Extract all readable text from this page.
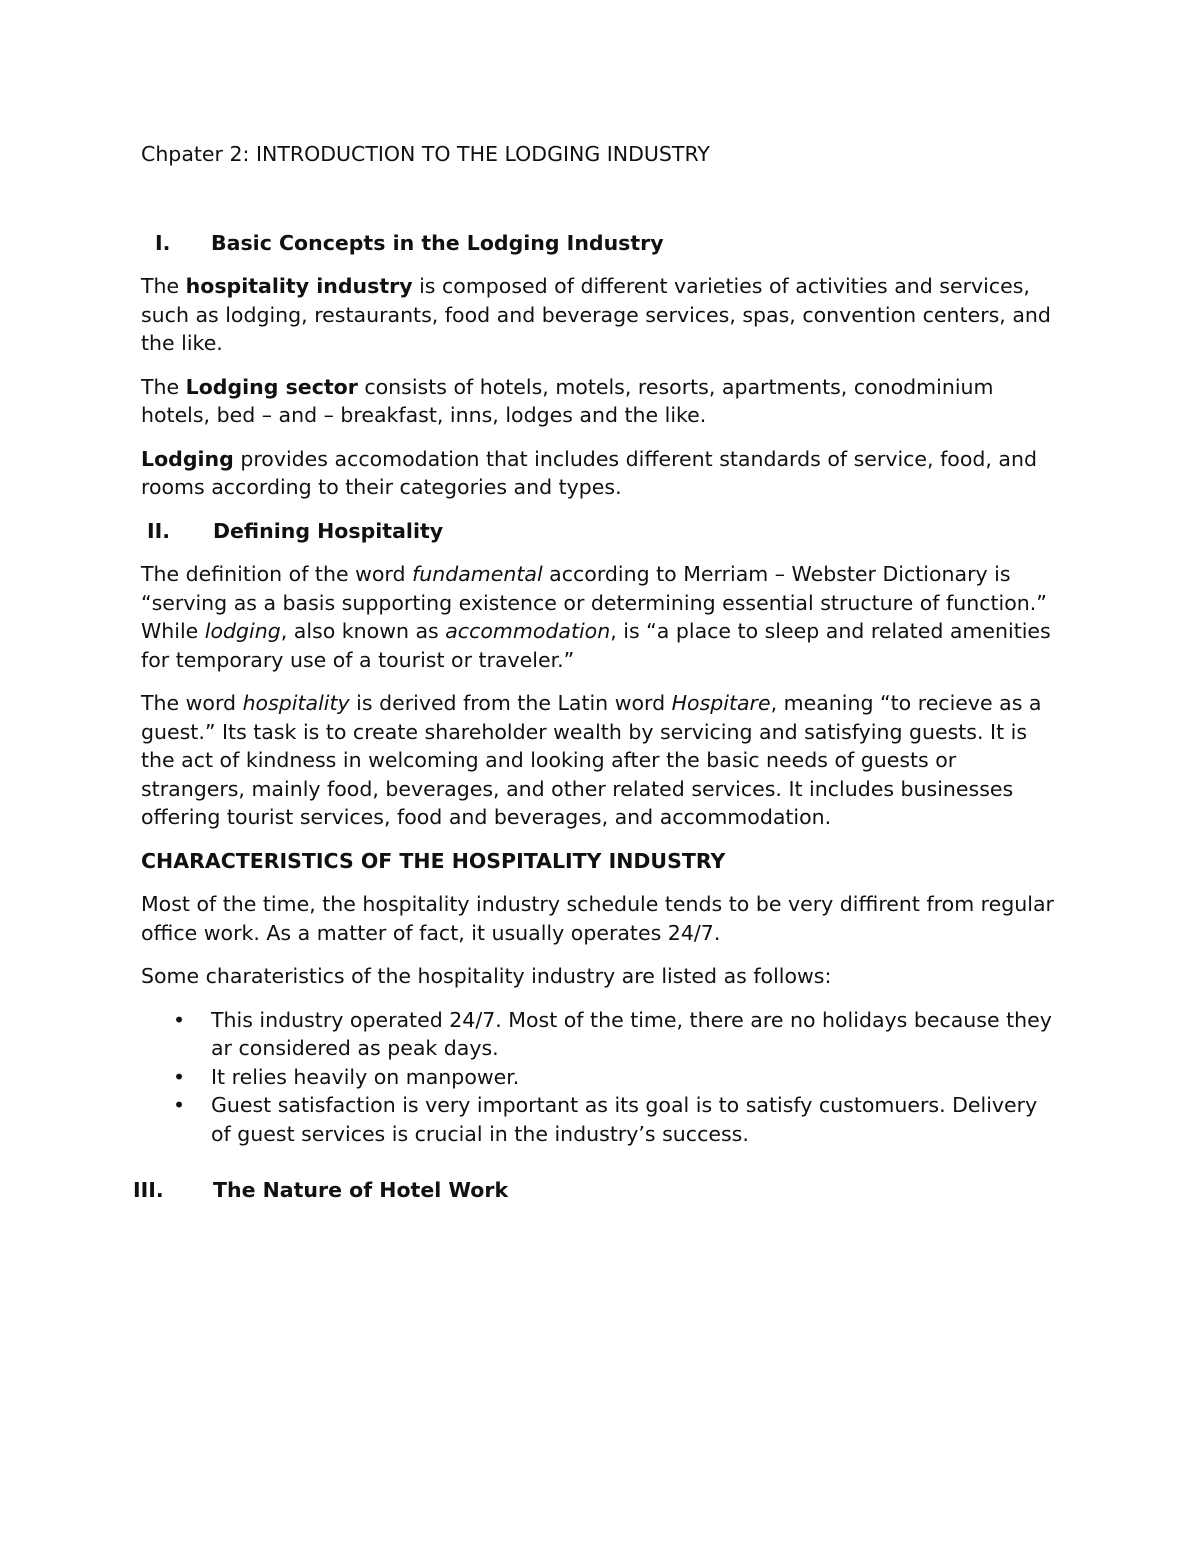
Chpater 2: INTRODUCTION TO THE LODGING INDUSTRY
I.	Basic Concepts in the Lodging Industry

The hospitality industry is composed of different varieties of activities and services, such as lodging, restaurants, food and beverage services, spas, convention centers, and the like.

The Lodging sector consists of hotels, motels, resorts, apartments, conodminium hotels, bed – and – breakfast, inns, lodges and the like.

Lodging provides accomodation that includes different standards of service, food, and rooms according to their categories and types.

II.	Defining Hospitality

The definition of the word fundamental according to Merriam – Webster Dictionary is “serving as a basis supporting existence or determining essential structure of function.” While lodging, also known as accommodation, is “a place to sleep and related amenities for temporary use of a tourist or traveler.”

The word hospitality is derived from the Latin word Hospitare, meaning “to recieve as a guest.” Its task is to create shareholder wealth by servicing and satisfying guests. It is the act of kindness in welcoming and looking after the basic needs of guests or strangers, mainly food, beverages, and other related services. It includes businesses offering tourist services, food and beverages, and accommodation.

CHARACTERISTICS OF THE HOSPITALITY INDUSTRY

Most of the time, the hospitality industry schedule tends to be very diffirent from regular office work. As a matter of fact, it usually operates 24/7.

Some charateristics of the hospitality industry are listed as follows:

•	This industry operated 24/7. Most of the time, there are no holidays because they ar considered as peak days.
•	It relies heavily on manpower.
•	Guest satisfaction is very important as its goal is to satisfy customuers. Delivery of guest services is crucial in the industry’s success.
III.	The Nature of Hotel Work
